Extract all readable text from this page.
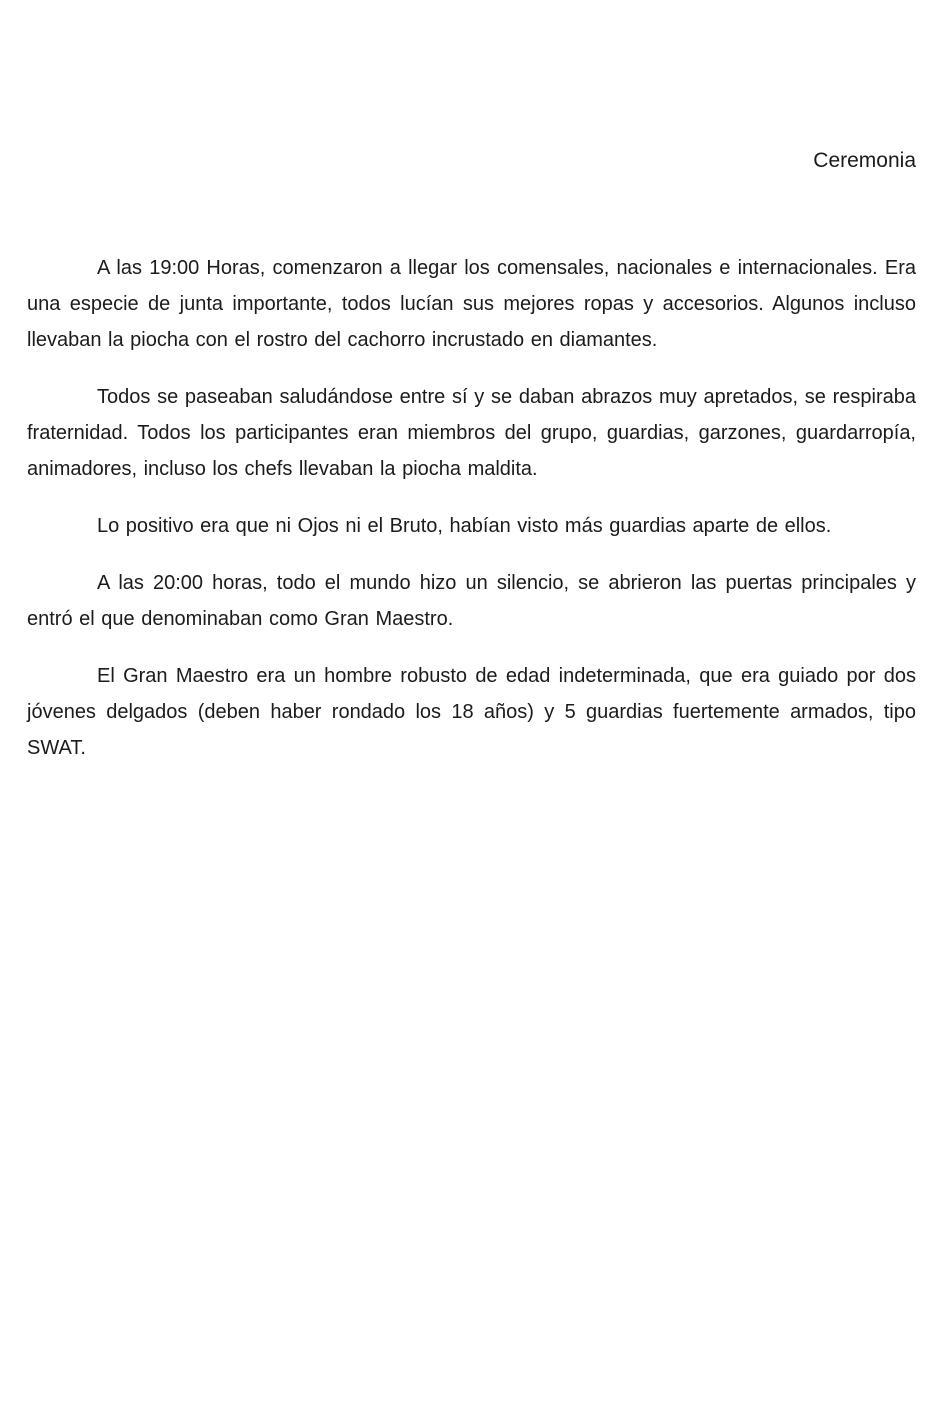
Ceremonia

A las 19:00 Horas, comenzaron a llegar los comensales, nacionales e internacionales. Era una especie de junta importante, todos lucían sus mejores ropas y accesorios. Algunos incluso llevaban la piocha con el rostro del cachorro incrustado en diamantes.

Todos se paseaban saludándose entre sí y se daban abrazos muy apretados, se respiraba fraternidad. Todos los participantes eran miembros del grupo, guardias, garzones, guardarropía, animadores, incluso los chefs llevaban la piocha maldita.

Lo positivo era que ni Ojos ni el Bruto, habían visto más guardias aparte de ellos.

A las 20:00 horas, todo el mundo hizo un silencio, se abrieron las puertas principales y entró el que denominaban como Gran Maestro.

El Gran Maestro era un hombre robusto de edad indeterminada, que era guiado por dos jóvenes delgados (deben haber rondado los 18 años) y 5 guardias fuertemente armados, tipo SWAT.
